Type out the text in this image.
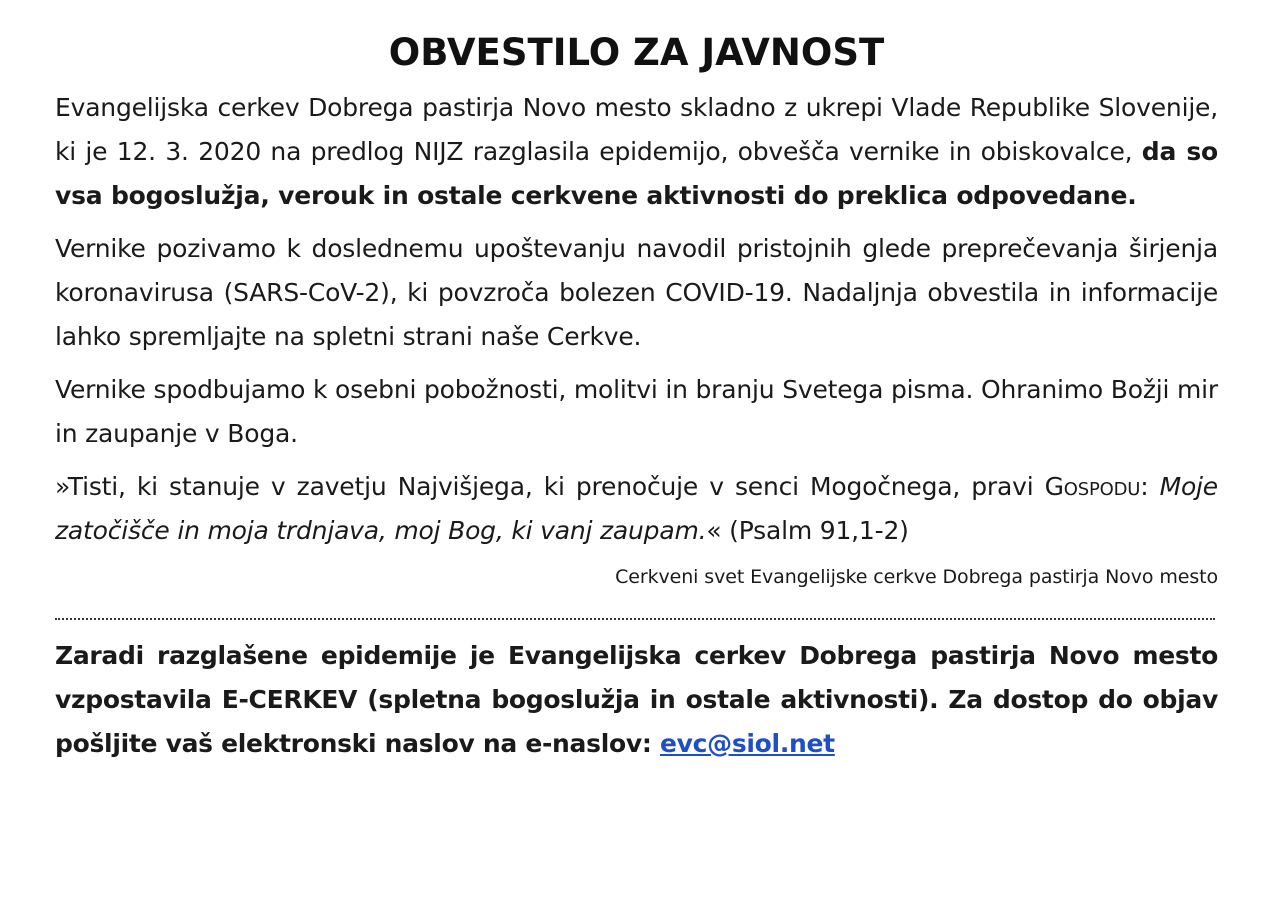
OBVESTILO ZA JAVNOST

Evangelijska cerkev Dobrega pastirja Novo mesto skladno z ukrepi Vlade Republike Slovenije, ki je 12. 3. 2020 na predlog NIJZ razglasila epidemijo, obvešča vernike in obiskovalce, da so vsa bogoslužja, verouk in ostale cerkvene aktivnosti do preklica odpovedane.

Vernike pozivamo k doslednemu upoštevanju navodil pristojnih glede preprečevanja širjenja koronavirusa (SARS-CoV-2), ki povzroča bolezen COVID-19. Nadaljnja obvestila in informacije lahko spremljajte na spletni strani naše Cerkve.

Vernike spodbujamo k osebni pobožnosti, molitvi in branju Svetega pisma. Ohranimo Božji mir in zaupanje v Boga.

»Tisti, ki stanuje v zavetju Najvišjega, ki prenočuje v senci Mogočnega, pravi Gospodu: Moje zatočišče in moja trdnjava, moj Bog, ki vanj zaupam.« (Psalm 91,1-2)

Cerkveni svet Evangelijske cerkve Dobrega pastirja Novo mesto

Zaradi razglašene epidemije je Evangelijska cerkev Dobrega pastirja Novo mesto vzpostavila E-CERKEV (spletna bogoslužja in ostale aktivnosti). Za dostop do objav pošljite vaš elektronski naslov na e-naslov: evc@siol.net
